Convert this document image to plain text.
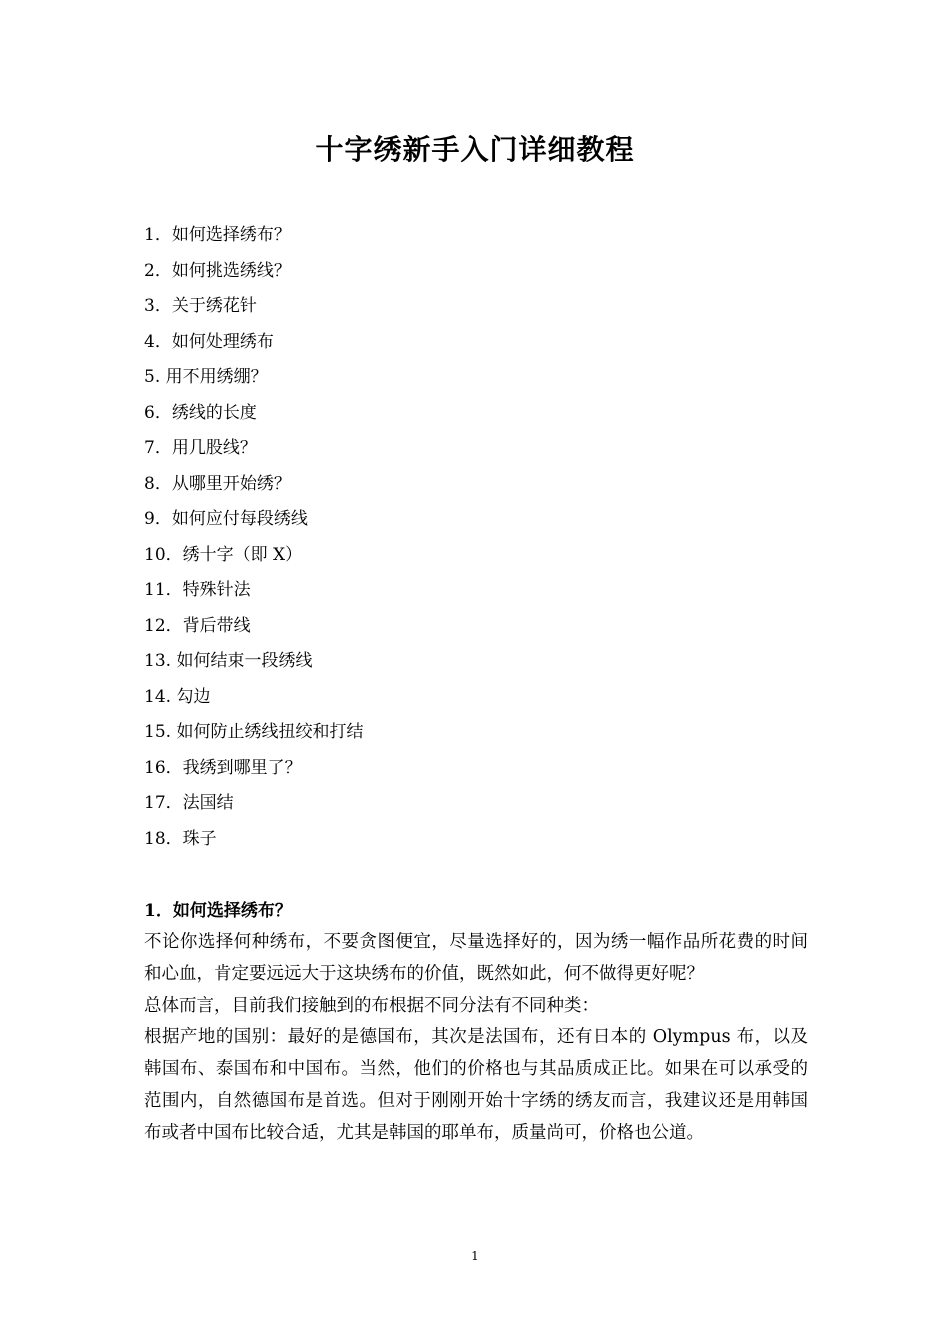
十字绣新手入门详细教程
1．如何选择绣布？
2．如何挑选绣线？
3．关于绣花针
4．如何处理绣布
5. 用不用绣绷？
6．绣线的长度
7．用几股线？
8．从哪里开始绣？
9．如何应付每段绣线
10．绣十字（即 X）
11．特殊针法
12．背后带线
13. 如何结束一段绣线
14. 勾边
15. 如何防止绣线扭绞和打结
16．我绣到哪里了？
17．法国结
18．珠子
1．如何选择绣布？

不论你选择何种绣布，不要贪图便宜，尽量选择好的，因为绣一幅作品所花费的时间和心血，肯定要远远大于这块绣布的价值，既然如此，何不做得更好呢？

总体而言，目前我们接触到的布根据不同分法有不同种类：

根据产地的国别：最好的是德国布，其次是法国布，还有日本的 Olympus 布，以及韩国布、泰国布和中国布。当然，他们的价格也与其品质成正比。如果在可以承受的范围内，自然德国布是首选。但对于刚刚开始十字绣的绣友而言，我建议还是用韩国布或者中国布比较合适，尤其是韩国的耶单布，质量尚可，价格也公道。

1
